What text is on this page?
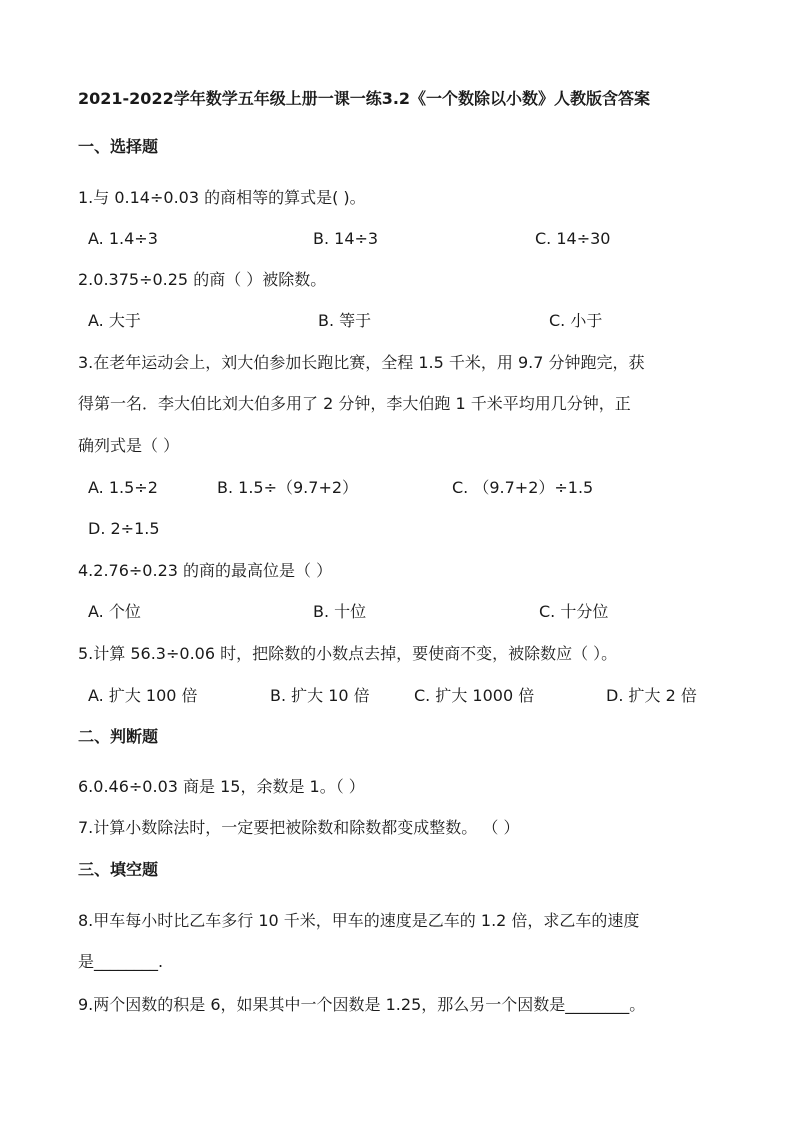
2021-2022学年数学五年级上册一课一练3.2《一个数除以小数》人教版含答案
一、选择题
1.与 0.14÷0.03 的商相等的算式是( )。
A. 1.4÷3	B. 14÷3	C. 14÷30
2.0.375÷0.25 的商（ ）被除数。
A. 大于	B. 等于	C. 小于
3.在老年运动会上，刘大伯参加长跑比赛，全程 1.5 千米，用 9.7 分钟跑完，获
得第一名．李大伯比刘大伯多用了 2 分钟，李大伯跑 1 千米平均用几分钟，正
确列式是（ ）
A. 1.5÷2	B. 1.5÷（9.7+2）	C. （9.7+2）÷1.5
D. 2÷1.5
4.2.76÷0.23 的商的最高位是（ ）
A. 个位	B. 十位	C. 十分位
5.计算 56.3÷0.06 时，把除数的小数点去掉，要使商不变，被除数应（ ）。
A. 扩大 100 倍	B. 扩大 10 倍	C. 扩大 1000 倍	D. 扩大 2 倍
二、判断题
6.0.46÷0.03 商是 15，余数是 1。（ ）
7.计算小数除法时，一定要把被除数和除数都变成整数。 （ ）
三、填空题
8.甲车每小时比乙车多行 10 千米，甲车的速度是乙车的 1.2 倍，求乙车的速度
是________.
9.两个因数的积是 6，如果其中一个因数是 1.25，那么另一个因数是________。
